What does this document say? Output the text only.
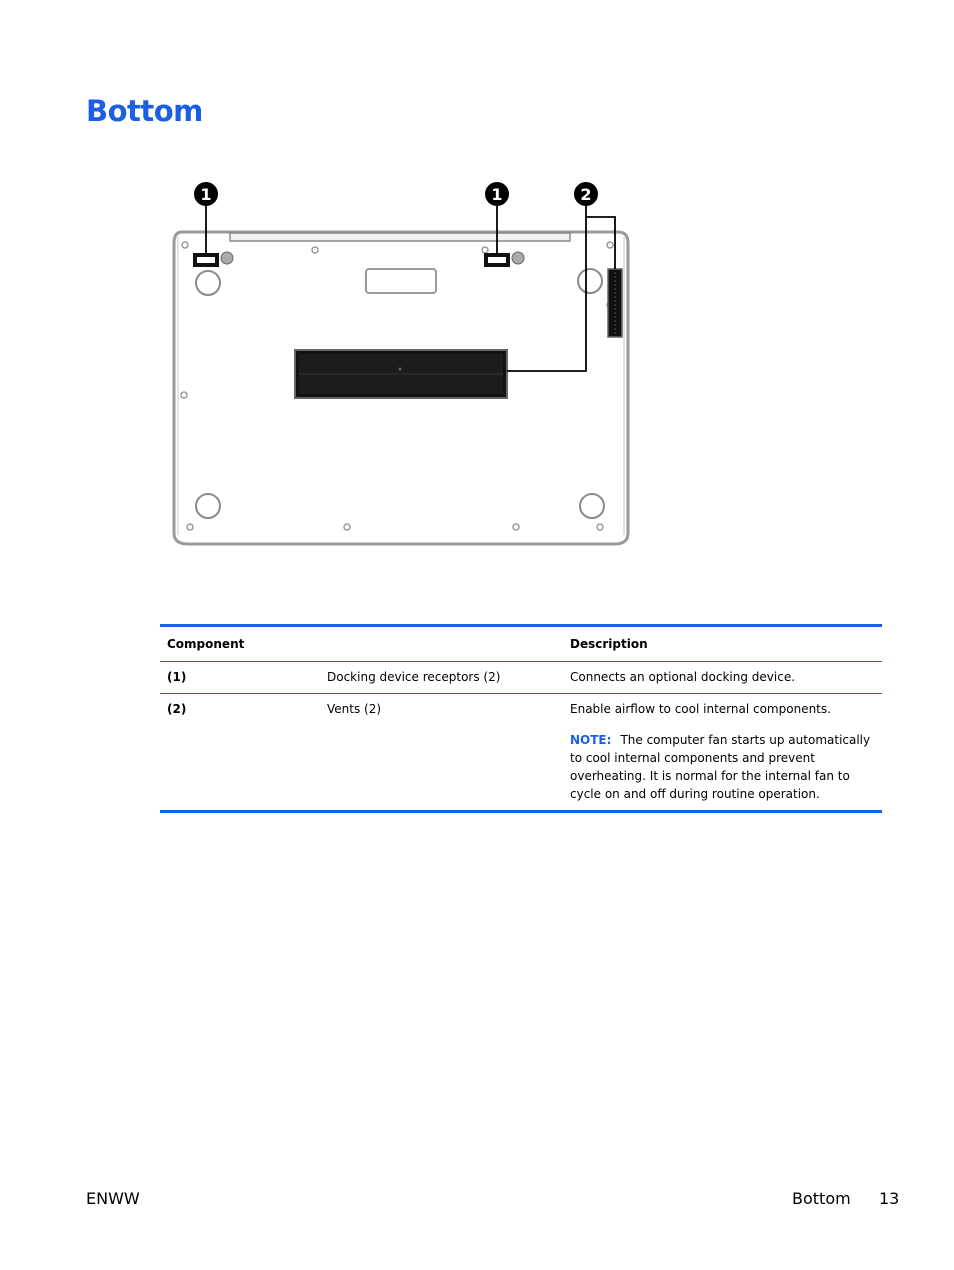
Bottom
1	1	2
Component		Description
(1)	Docking device receptors (2)	Connects an optional docking device.
(2)	Vents (2)	Enable airflow to cool internal components.
NOTE: The computer fan starts up automatically to cool internal components and prevent overheating. It is normal for the internal fan to cycle on and off during routine operation.
ENWW	Bottom 13
